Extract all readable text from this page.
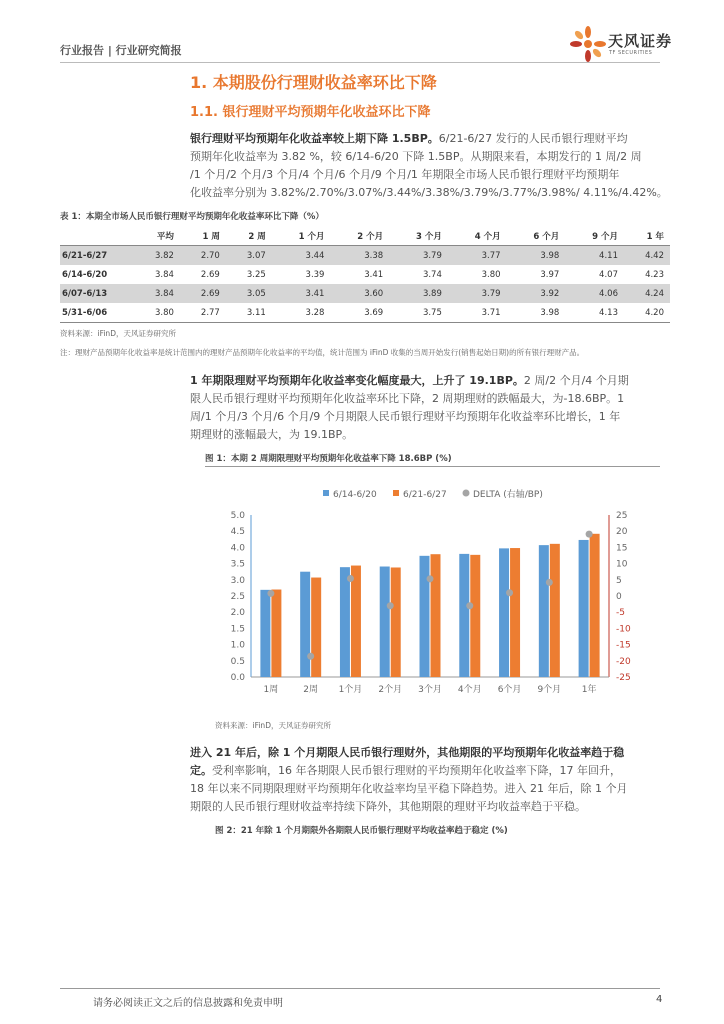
行业报告 | 行业研究简报
天风证券
TF SECURITIES
1. 本期股份行理财收益率环比下降
1.1. 银行理财平均预期年化收益环比下降
银行理财平均预期年化收益率较上期下降 1.5BP。6/21-6/27 发行的人民币银行理财平均
预期年化收益率为 3.82 %，较 6/14-6/20 下降 1.5BP。从期限来看，本期发行的 1 周/2 周
/1 个月/2 个月/3 个月/4 个月/6 个月/9 个月/1 年期限全市场人民币银行理财平均预期年
化收益率分别为 3.82%/2.70%/3.07%/3.44%/3.38%/3.79%/3.77%/3.98%/ 4.11%/4.42%。
表 1：本期全市场人民币银行理财平均预期年化收益率环比下降（%）
	平均	1 周	2 周	1 个月	2 个月	3 个月	4 个月	6 个月	9 个月	1 年
6/21-6/27	3.82	2.70	3.07	3.44	3.38	3.79	3.77	3.98	4.11	4.42
6/14-6/20	3.84	2.69	3.25	3.39	3.41	3.74	3.80	3.97	4.07	4.23
6/07-6/13	3.84	2.69	3.05	3.41	3.60	3.89	3.79	3.92	4.06	4.24
5/31-6/06	3.80	2.77	3.11	3.28	3.69	3.75	3.71	3.98	4.13	4.20
资料来源：iFinD，天风证券研究所
注：理财产品预期年化收益率是统计范围内的理财产品预期年化收益率的平均值，统计范围为 iFinD 收集的当周开始发行(销售起始日期)的所有银行理财产品。
1 年期限理财平均预期年化收益率变化幅度最大，上升了 19.1BP。2 周/2 个月/4 个月期
限人民币银行理财平均预期年化收益率环比下降，2 周期理财的跌幅最大，为-18.6BP。1
周/1 个月/3 个月/6 个月/9 个月期限人民币银行理财平均预期年化收益率环比增长，1 年
期理财的涨幅最大，为 19.1BP。
图 1：本期 2 周期限理财平均预期年化收益率下降 18.6BP (%)
6/14-6/20	6/21-6/27	DELTA (右轴/BP)
0.0
0.5
1.0
1.5
2.0
2.5
3.0
3.5
4.0
4.5
5.0
-25
-20
-15
-10
-5
0
5
10
15
20
25
1周	2周 1个月 2个月 3个月 4个月 6个月 9个月 1年
资料来源：iFinD，天风证券研究所
进入 21 年后，除 1 个月期限人民币银行理财外，其他期限的平均预期年化收益率趋于稳
定。受利率影响，16 年各期限人民币银行理财的平均预期年化收益率下降，17 年回升，
18 年以来不同期限理财平均预期年化收益率均呈平稳下降趋势。进入 21 年后，除 1 个月
期限的人民币银行理财收益率持续下降外，其他期限的理财平均收益率趋于平稳。
图 2：21 年除 1 个月期限外各期限人民币银行理财平均收益率趋于稳定 (%)
请务必阅读正文之后的信息披露和免责申明	4
